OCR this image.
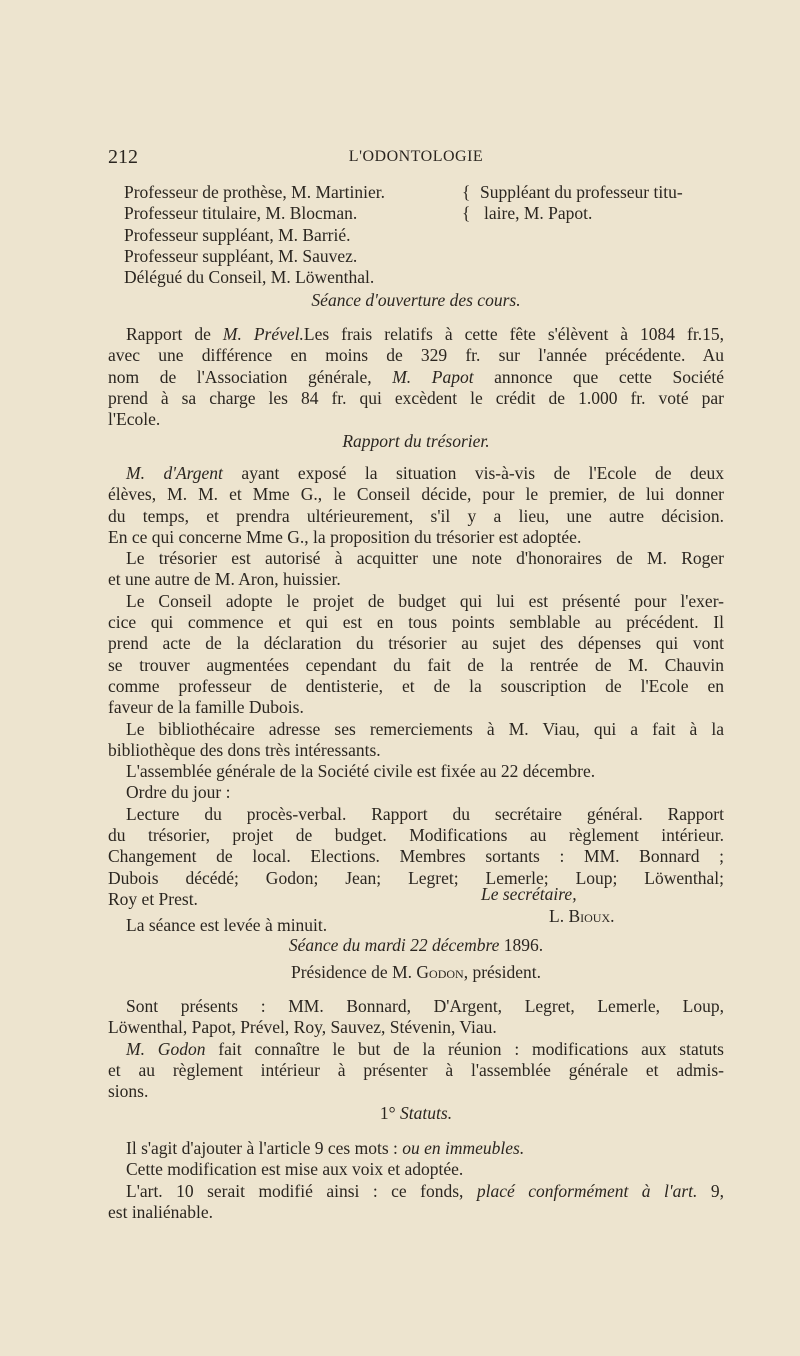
212	L'ODONTOLOGIE
Professeur de prothèse, M. Martinier.
Professeur titulaire, M. Blocman.
Professeur suppléant, M. Barrié.
Professeur suppléant, M. Sauvez.
Délégué du Conseil, M. Löwenthal.
{
{
Suppléant du professeur titu-
laire, M. Papot.
Séance d'ouverture des cours.
Rapport de M. Prével.Les frais relatifs à cette fête s'élèvent à 1084 fr.15,
avec une différence en moins de 329 fr. sur l'année précédente. Au
nom de l'Association générale, M. Papot annonce que cette Société
prend à sa charge les 84 fr. qui excèdent le crédit de 1.000 fr. voté par
l'Ecole.
Rapport du trésorier.
M. d'Argent ayant exposé la situation vis-à-vis de l'Ecole de deux
élèves, M. M. et Mme G., le Conseil décide, pour le premier, de lui donner
du temps, et prendra ultérieurement, s'il y a lieu, une autre décision.
En ce qui concerne Mme G., la proposition du trésorier est adoptée.
Le trésorier est autorisé à acquitter une note d'honoraires de M. Roger
et une autre de M. Aron, huissier.
Le Conseil adopte le projet de budget qui lui est présenté pour l'exer-
cice qui commence et qui est en tous points semblable au précédent. Il
prend acte de la déclaration du trésorier au sujet des dépenses qui vont
se trouver augmentées cependant du fait de la rentrée de M. Chauvin
comme professeur de dentisterie, et de la souscription de l'Ecole en
faveur de la famille Dubois.
Le bibliothécaire adresse ses remerciements à M. Viau, qui a fait à la
bibliothèque des dons très intéressants.
L'assemblée générale de la Société civile est fixée au 22 décembre.
Ordre du jour :
Lecture du procès-verbal. Rapport du secrétaire général. Rapport
du trésorier, projet de budget. Modifications au règlement intérieur.
Changement de local. Elections. Membres sortants : MM. Bonnard ;
Dubois décédé; Godon; Jean; Legret; Lemerle; Loup; Löwenthal;
Roy et Prest.
La séance est levée à minuit.
Le secrétaire,
L. Bioux.
Séance du mardi 22 décembre 1896.
Présidence de M. Godon, président.
Sont présents : MM. Bonnard, D'Argent, Legret, Lemerle, Loup,
Löwenthal, Papot, Prével, Roy, Sauvez, Stévenin, Viau.
M. Godon fait connaître le but de la réunion : modifications aux statuts
et au règlement intérieur à présenter à l'assemblée générale et admis-
sions.
1° Statuts.
Il s'agit d'ajouter à l'article 9 ces mots : ou en immeubles.
Cette modification est mise aux voix et adoptée.
L'art. 10 serait modifié ainsi : ce fonds, placé conformément à l'art. 9,
est inaliénable.
